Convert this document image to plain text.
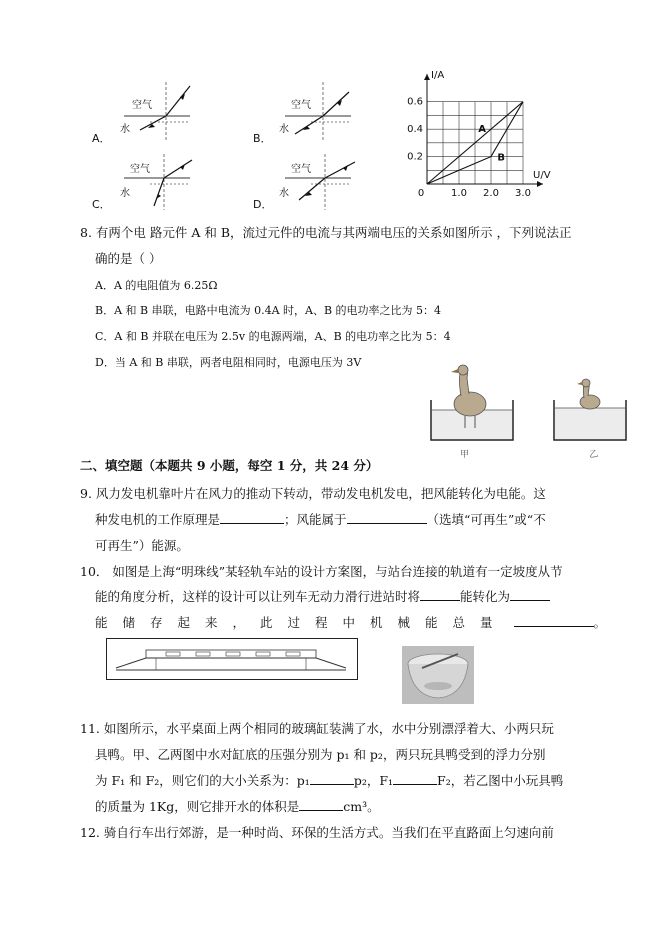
A．
空气
水
B．
空气
水
C．
空气
水
D．
空气
水	0	1.0 2.0 3.0
0.2
0.4
0.6
U/V
I/A
A
B
8. 有两个电 路元件 A 和 B，流过元件的电流与其两端电压的关系如图所示 ，下列说法正
确的是（ ）
A．A 的电阻值为 6.25Ω
B．A 和 B 串联，电路中电流为 0.4A 时，A、B 的电功率之比为 5：4
C．A 和 B 并联在电压为 2.5v 的电源两端，A、B 的电功率之比为 5：4
D．当 A 和 B 串联，两者电阻相同时，电源电压为 3V
甲	乙
二、填空题（本题共 9 小题，每空 1 分，共 24 分）
9. 风力发电机靠叶片在风力的推动下转动，带动发电机发电，把风能转化为电能。这
种发电机的工作原理是	；风能属于	（选填“可再生”或“不
可再生”）能源。
10． 如图是上海“明珠线”某轻轨车站的设计方案图，与站台连接的轨道有一定坡度从节
能的角度分析，这样的设计可以让列车无动力滑行进站时将	能转化为
能储存起来，此过程中机械能总量	。
11. 如图所示，水平桌面上两个相同的玻璃缸装满了水，水中分别漂浮着大、小两只玩
具鸭。甲、乙两图中水对缸底的压强分别为 p₁ 和 p₂，两只玩具鸭受到的浮力分别
为 F₁ 和 F₂，则它们的大小关系为：p₁	p₂，F₁	F₂，若乙图中小玩具鸭
的质量为 1Kg，则它排开水的体积是	cm³。
12. 骑自行车出行郊游，是一种时尚、环保的生活方式。当我们在平直路面上匀速向前
